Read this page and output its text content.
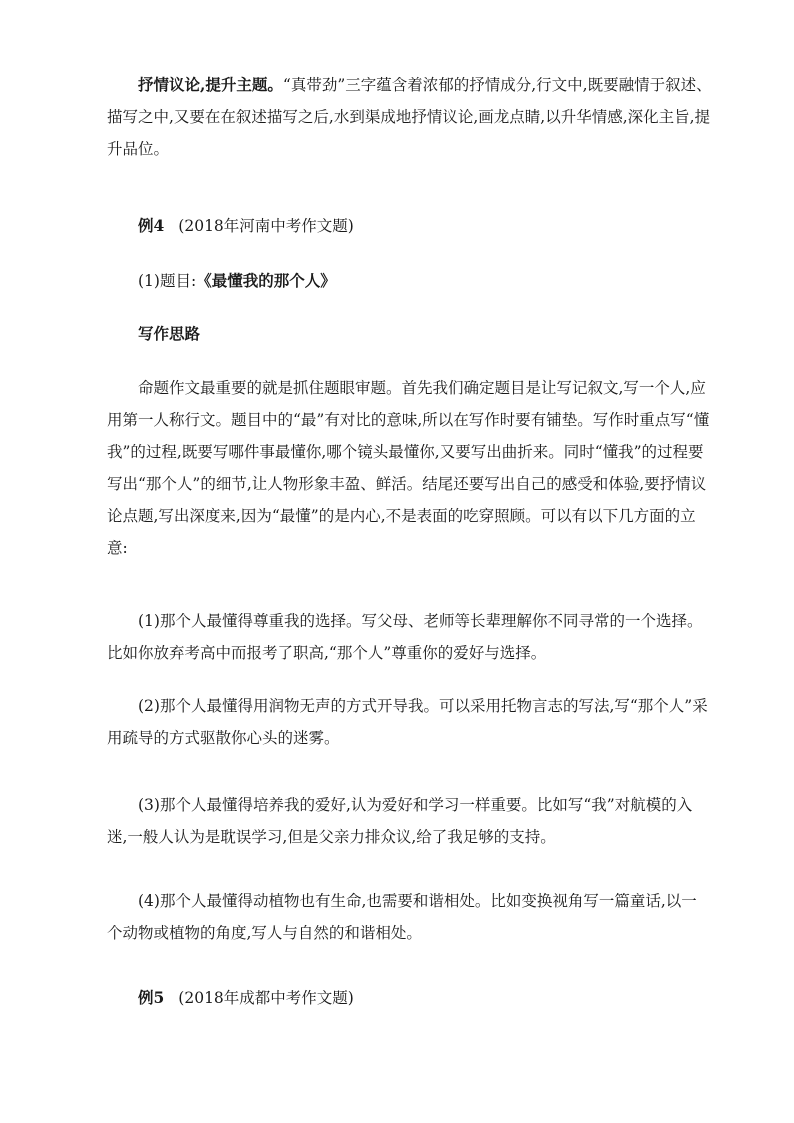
抒情议论,提升主题。“真带劲”三字蕴含着浓郁的抒情成分,行文中,既要融情于叙述、描写之中,又要在在叙述描写之后,水到渠成地抒情议论,画龙点睛,以升华情感,深化主旨,提升品位。

例4 (2018年河南中考作文题)

(1)题目:《最懂我的那个人》

写作思路

命题作文最重要的就是抓住题眼审题。首先我们确定题目是让写记叙文,写一个人,应用第一人称行文。题目中的“最”有对比的意味,所以在写作时要有铺垫。写作时重点写“懂我”的过程,既要写哪件事最懂你,哪个镜头最懂你,又要写出曲折来。同时“懂我”的过程要写出“那个人”的细节,让人物形象丰盈、鲜活。结尾还要写出自己的感受和体验,要抒情议论点题,写出深度来,因为“最懂”的是内心,不是表面的吃穿照顾。可以有以下几方面的立意:

(1)那个人最懂得尊重我的选择。写父母、老师等长辈理解你不同寻常的一个选择。比如你放弃考高中而报考了职高,“那个人”尊重你的爱好与选择。

(2)那个人最懂得用润物无声的方式开导我。可以采用托物言志的写法,写“那个人”采用疏导的方式驱散你心头的迷雾。

(3)那个人最懂得培养我的爱好,认为爱好和学习一样重要。比如写“我”对航模的入迷,一般人认为是耽误学习,但是父亲力排众议,给了我足够的支持。

(4)那个人最懂得动植物也有生命,也需要和谐相处。比如变换视角写一篇童话,以一个动物或植物的角度,写人与自然的和谐相处。

例5 (2018年成都中考作文题)
